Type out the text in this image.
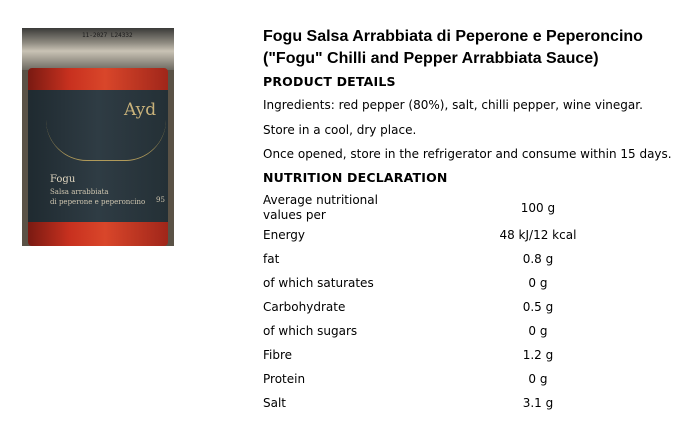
11-2027 L24332
Ayd
Fogu
Salsa arrabbiata
di peperone e peperoncino 95
Fogu Salsa Arrabbiata di Peperone e Peperoncino
("Fogu" Chilli and Pepper Arrabbiata Sauce)
PRODUCT DETAILS
Ingredients: red pepper (80%), salt, chilli pepper, wine vinegar.
Store in a cool, dry place.
Once opened, store in the refrigerator and consume within 15 days.
NUTRITION DECLARATION
Average nutritional values per	100 g
Energy	48 kJ/12 kcal
fat	0.8 g
of which saturates	0 g
Carbohydrate	0.5 g
of which sugars	0 g
Fibre	1.2 g
Protein	0 g
Salt	3.1 g
